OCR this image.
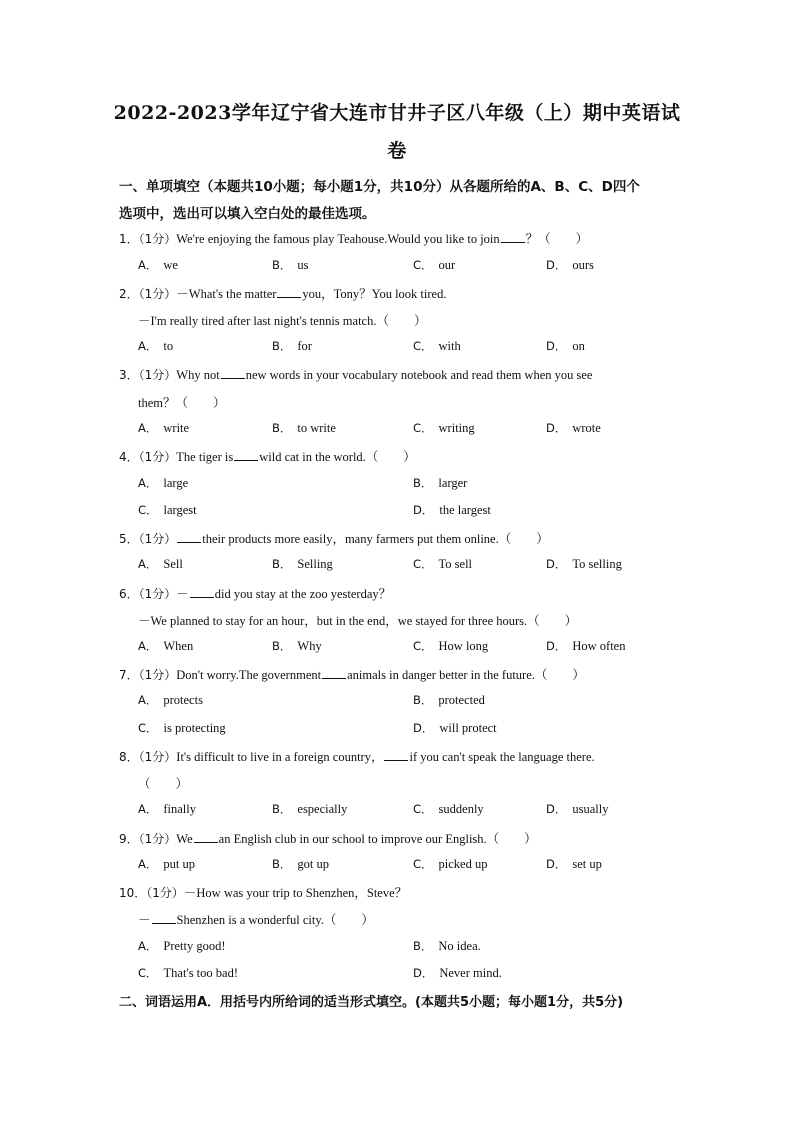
2022-2023学年辽宁省大连市甘井子区八年级（上）期中英语试
卷
一、单项填空（本题共10小题；每小题1分，共10分）从各题所给的A、B、C、D四个
选项中，选出可以填入空白处的最佳选项。
1．（1分）We're enjoying the famous play Teahouse.Would you like to join ？（　　）
A． we	B． us	C． our	D． ours
2．（1分）－What's the matter you，Tony？You look tired.
－I'm really tired after last night's tennis match.（　　）
A． to	B． for	C． with	D． on
3．（1分）Why not new words in your vocabulary notebook and read them when you see
them？（　　）
A． write	B． to write	C． writing	D． wrote
4．（1分）The tiger is wild cat in the world.（　　）
A． large	B． larger
C． largest	D． the largest
5．（1分） their products more easily，many farmers put them online.（　　）
A． Sell	B． Selling	C． To sell	D． To selling
6．（1分）－ did you stay at the zoo yesterday？
－We planned to stay for an hour，but in the end，we stayed for three hours.（　　）
A． When	B． Why	C． How long	D． How often
7．（1分）Don't worry.The government animals in danger better in the future.（　　）
A． protects	B． protected
C． is protecting	D． will protect
8．（1分）It's difficult to live in a foreign country， if you can't speak the language there.
（　　）
A． finally	B． especially	C． suddenly	D． usually
9．（1分）We an English club in our school to improve our English.（　　）
A． put up	B． got up	C． picked up	D． set up
10．（1分）－How was your trip to Shenzhen，Steve？
－ Shenzhen is a wonderful city.（　　）
A． Pretty good!	B． No idea.
C． That's too bad!	D． Never mind.
二、词语运用A．用括号内所给词的适当形式填空。(本题共5小题；每小题1分，共5分)
